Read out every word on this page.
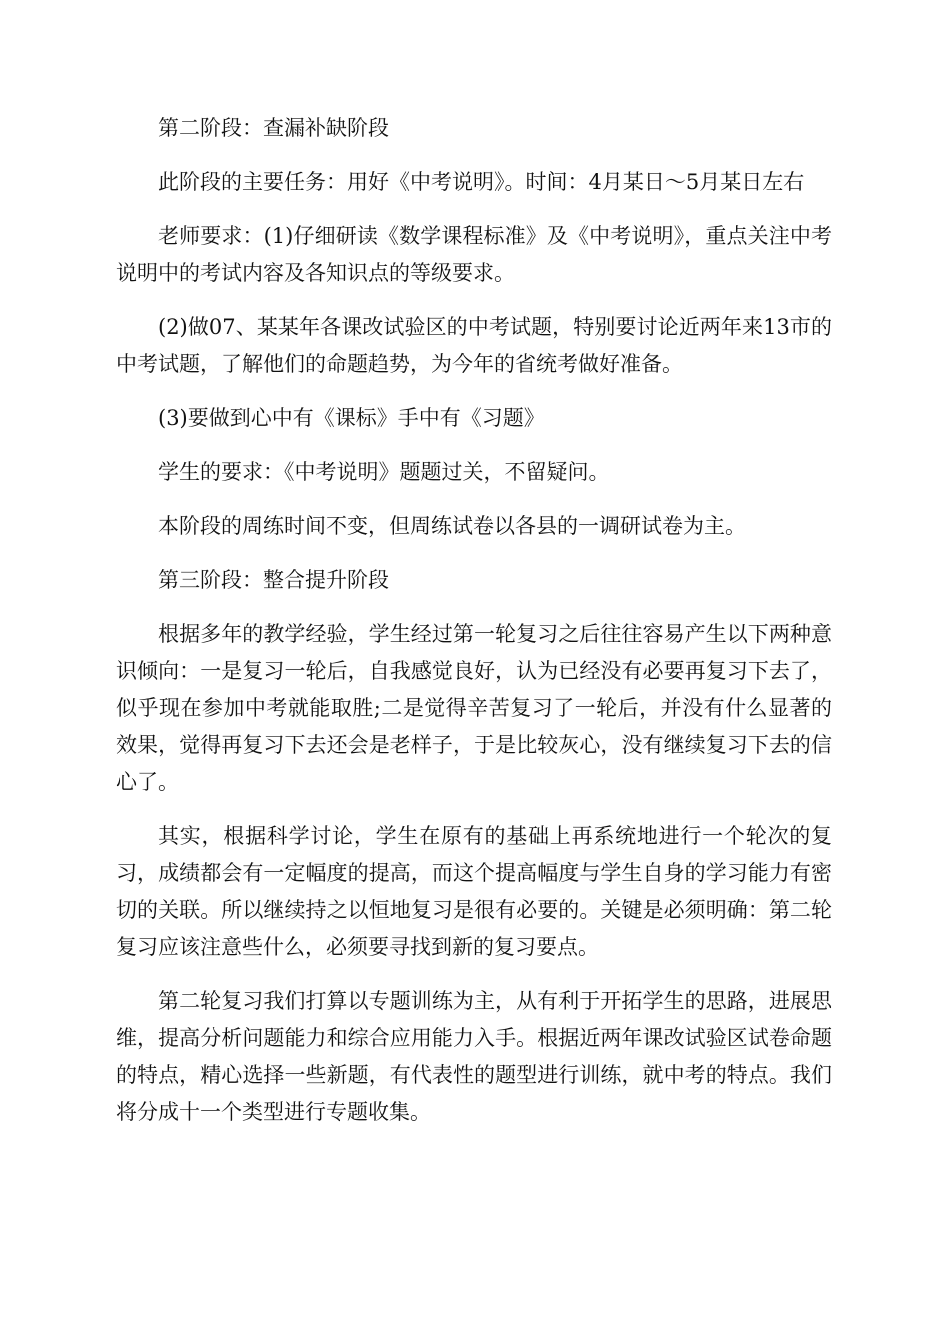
第二阶段：查漏补缺阶段

此阶段的主要任务：用好《中考说明》。时间：4月某日～5月某日左右

老师要求：(1)仔细研读《数学课程标准》及《中考说明》，重点关注中考说明中的考试内容及各知识点的等级要求。

(2)做07、某某年各课改试验区的中考试题，特别要讨论近两年来13市的中考试题，了解他们的命题趋势，为今年的省统考做好准备。

(3)要做到心中有《课标》手中有《习题》

学生的要求：《中考说明》题题过关，不留疑问。

本阶段的周练时间不变，但周练试卷以各县的一调研试卷为主。

第三阶段：整合提升阶段

根据多年的教学经验，学生经过第一轮复习之后往往容易产生以下两种意识倾向：一是复习一轮后，自我感觉良好，认为已经没有必要再复习下去了，似乎现在参加中考就能取胜;二是觉得辛苦复习了一轮后，并没有什么显著的效果，觉得再复习下去还会是老样子，于是比较灰心，没有继续复习下去的信心了。

其实，根据科学讨论，学生在原有的基础上再系统地进行一个轮次的复习，成绩都会有一定幅度的提高，而这个提高幅度与学生自身的学习能力有密切的关联。所以继续持之以恒地复习是很有必要的。关键是必须明确：第二轮复习应该注意些什么，必须要寻找到新的复习要点。

第二轮复习我们打算以专题训练为主，从有利于开拓学生的思路，进展思维，提高分析问题能力和综合应用能力入手。根据近两年课改试验区试卷命题的特点，精心选择一些新题，有代表性的题型进行训练，就中考的特点。我们将分成十一个类型进行专题收集。
